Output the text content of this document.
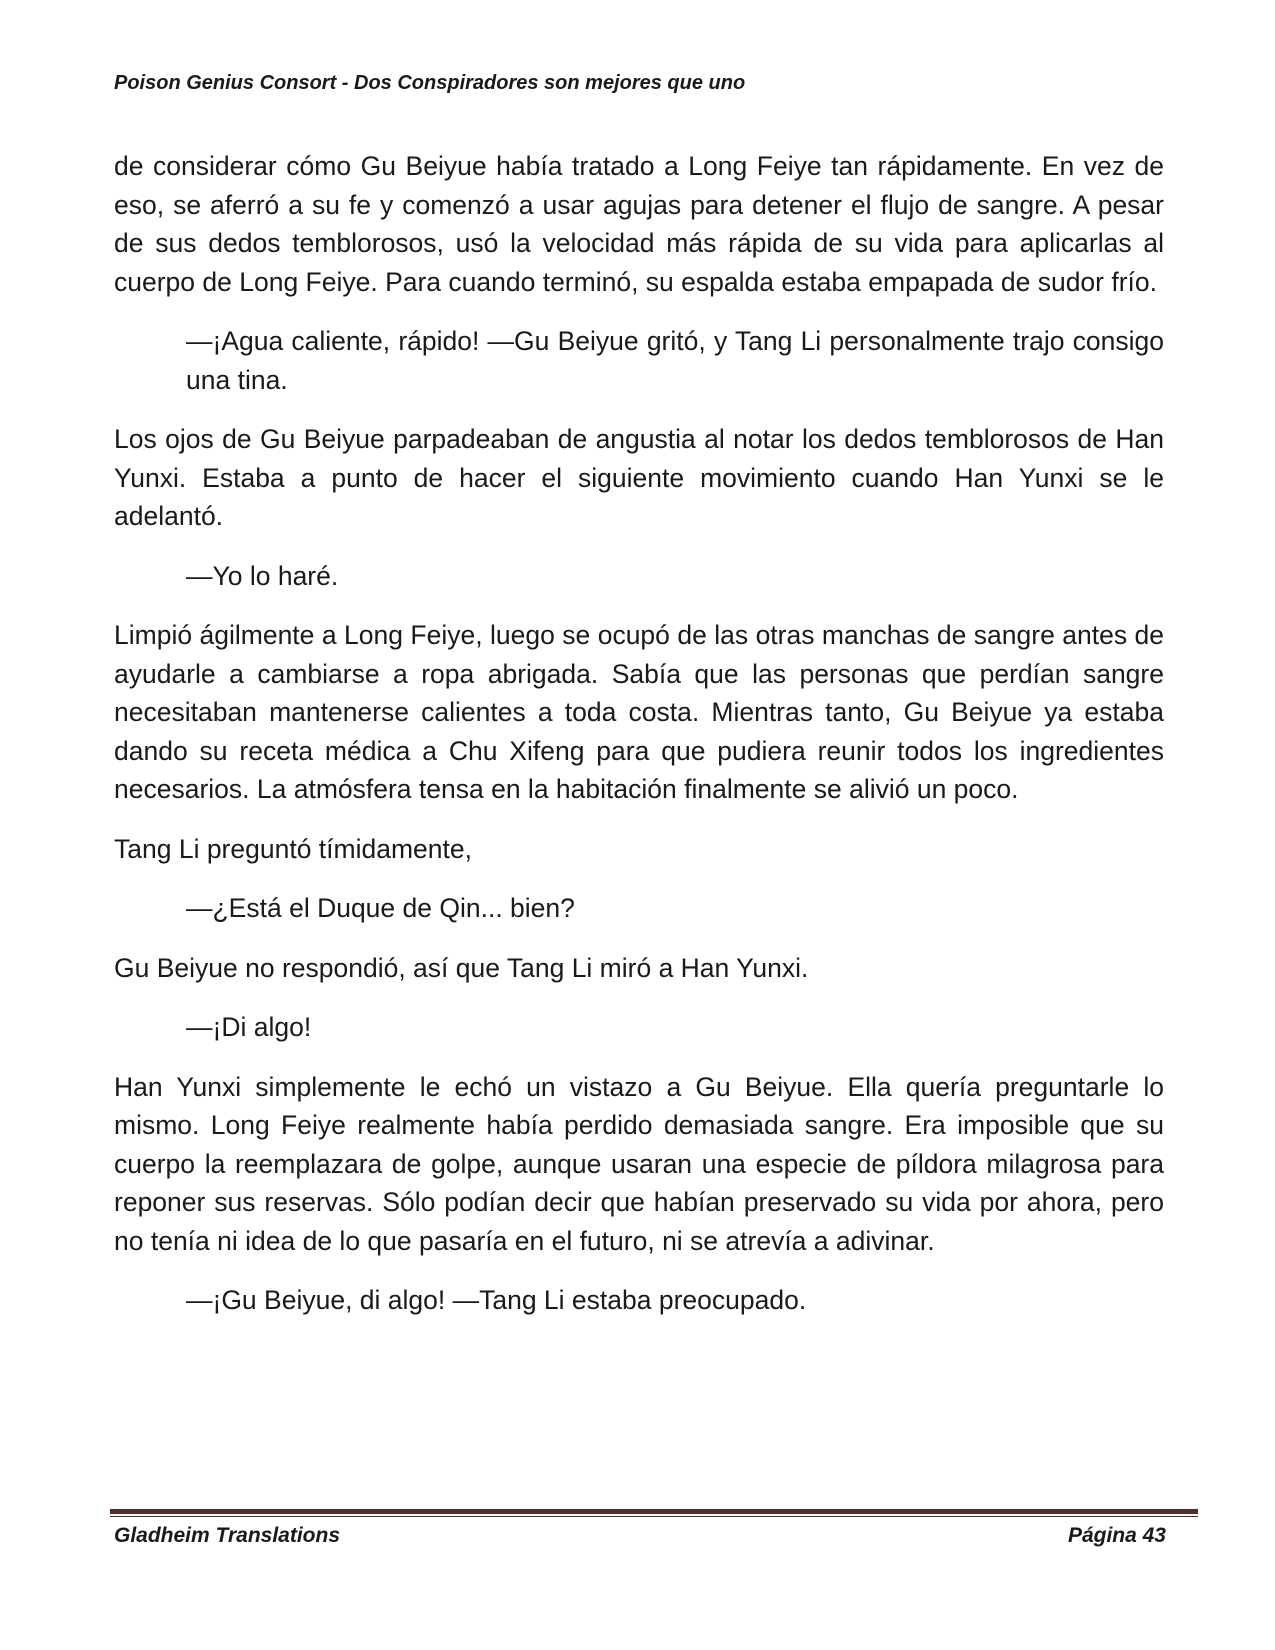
Poison Genius Consort - Dos Conspiradores son mejores que uno

de considerar cómo Gu Beiyue había tratado a Long Feiye tan rápidamente. En vez de eso, se aferró a su fe y comenzó a usar agujas para detener el flujo de sangre. A pesar de sus dedos temblorosos, usó la velocidad más rápida de su vida para aplicarlas al cuerpo de Long Feiye. Para cuando terminó, su espalda estaba empapada de sudor frío.

—¡Agua caliente, rápido! —Gu Beiyue gritó, y Tang Li personalmente trajo consigo una tina.

Los ojos de Gu Beiyue parpadeaban de angustia al notar los dedos temblorosos de Han Yunxi. Estaba a punto de hacer el siguiente movimiento cuando Han Yunxi se le adelantó.

—Yo lo haré.

Limpió ágilmente a Long Feiye, luego se ocupó de las otras manchas de sangre antes de ayudarle a cambiarse a ropa abrigada. Sabía que las personas que perdían sangre necesitaban mantenerse calientes a toda costa. Mientras tanto, Gu Beiyue ya estaba dando su receta médica a Chu Xifeng para que pudiera reunir todos los ingredientes necesarios. La atmósfera tensa en la habitación finalmente se alivió un poco.

Tang Li preguntó tímidamente,

—¿Está el Duque de Qin... bien?

Gu Beiyue no respondió, así que Tang Li miró a Han Yunxi.

—¡Di algo!

Han Yunxi simplemente le echó un vistazo a Gu Beiyue. Ella quería preguntarle lo mismo. Long Feiye realmente había perdido demasiada sangre. Era imposible que su cuerpo la reemplazara de golpe, aunque usaran una especie de píldora milagrosa para reponer sus reservas. Sólo podían decir que habían preservado su vida por ahora, pero no tenía ni idea de lo que pasaría en el futuro, ni se atrevía a adivinar.

—¡Gu Beiyue, di algo! —Tang Li estaba preocupado.

Gladheim Translations	Página 43
